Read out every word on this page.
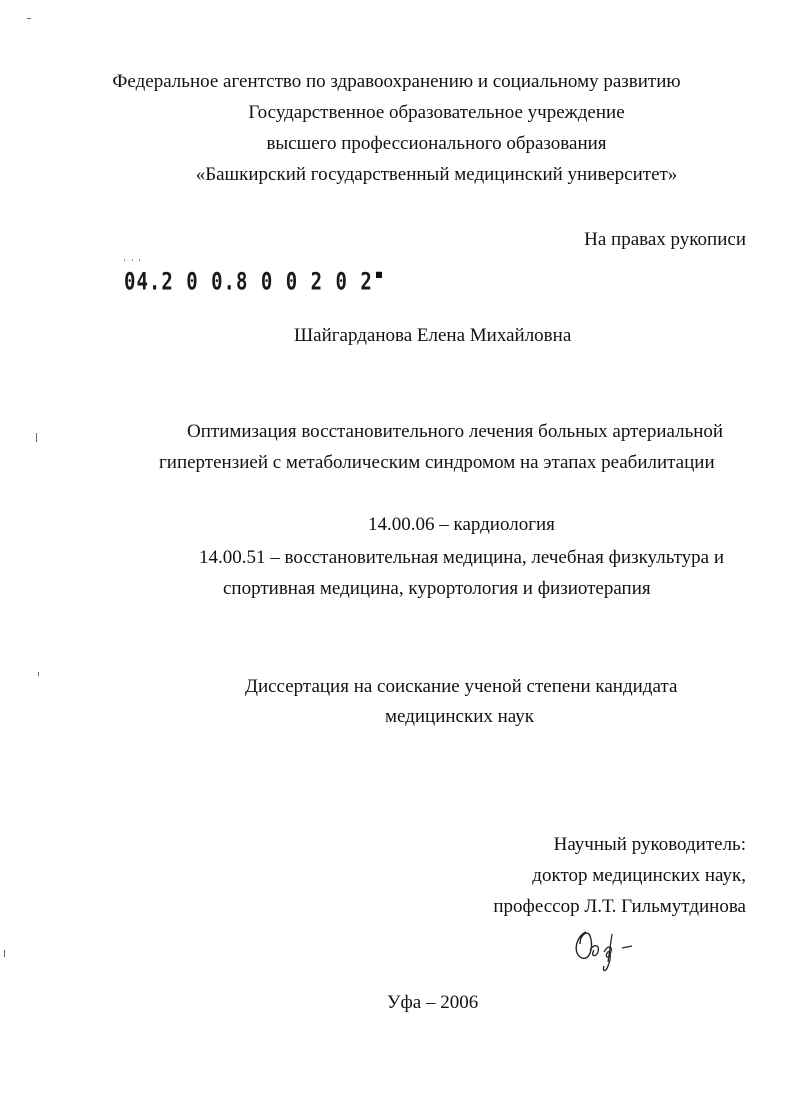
Федеральное агентство по здравоохранению и социальному развитию
Государственное образовательное учреждение
высшего профессионального образования
«Башкирский государственный медицинский университет»
На правах рукописи
' ' '
04.2 0 0.8 0 0 2 0 2
Шайгарданова Елена Михайловна
Оптимизация восстановительного лечения больных артериальной
гипертензией с метаболическим синдромом на этапах реабилитации
14.00.06 – кардиология
14.00.51 – восстановительная медицина, лечебная физкультура и
спортивная медицина, курортология и физиотерапия
Диссертация на соискание ученой степени кандидата
медицинских наук
Научный руководитель:
доктор медицинских наук,
профессор Л.Т. Гильмутдинова
Уфа – 2006
